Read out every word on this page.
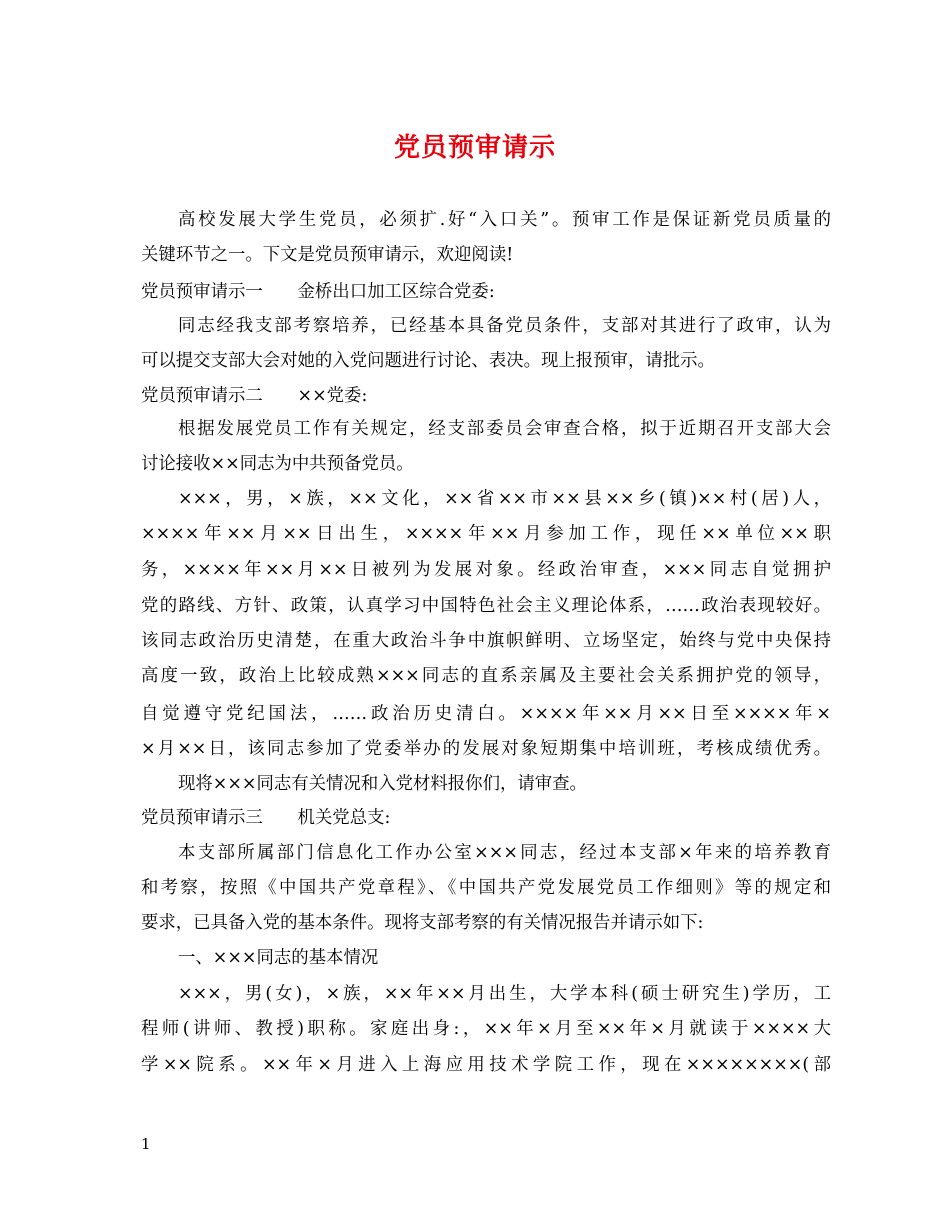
党员预审请示
高校发展大学生党员，必须扩.好“入口关”。预审工作是保证新党员质量的
关键环节之一。下文是党员预审请示，欢迎阅读!
党员预审请示一　　金桥出口加工区综合党委:
同志经我支部考察培养，已经基本具备党员条件，支部对其进行了政审，认为
可以提交支部大会对她的入党问题进行讨论、表决。现上报预审，请批示。
党员预审请示二　　××党委:
根据发展党员工作有关规定，经支部委员会审查合格，拟于近期召开支部大会
讨论接收××同志为中共预备党员。
×××，男，×族，××文化，××省××市××县××乡(镇)××村(居)人，
××××年××月××日出生，××××年××月参加工作，现任××单位××职
务，××××年××月××日被列为发展对象。经政治审查，×××同志自觉拥护
党的路线、方针、政策，认真学习中国特色社会主义理论体系，……政治表现较好。
该同志政治历史清楚，在重大政治斗争中旗帜鲜明、立场坚定，始终与党中央保持
高度一致，政治上比较成熟×××同志的直系亲属及主要社会关系拥护党的领导，
自觉遵守党纪国法，……政治历史清白。××××年××月××日至××××年×
×月××日，该同志参加了党委举办的发展对象短期集中培训班，考核成绩优秀。
现将×××同志有关情况和入党材料报你们，请审查。
党员预审请示三　　机关党总支:
本支部所属部门信息化工作办公室×××同志，经过本支部×年来的培养教育
和考察，按照《中国共产党章程》、《中国共产党发展党员工作细则》等的规定和
要求，已具备入党的基本条件。现将支部考察的有关情况报告并请示如下:
一、×××同志的基本情况
×××，男(女)，×族，××年××月出生，大学本科(硕士研究生)学历，工
程师(讲师、教授)职称。家庭出身:，××年×月至××年×月就读于××××大
学××院系。××年×月进入上海应用技术学院工作，现在××××××××(部
1
